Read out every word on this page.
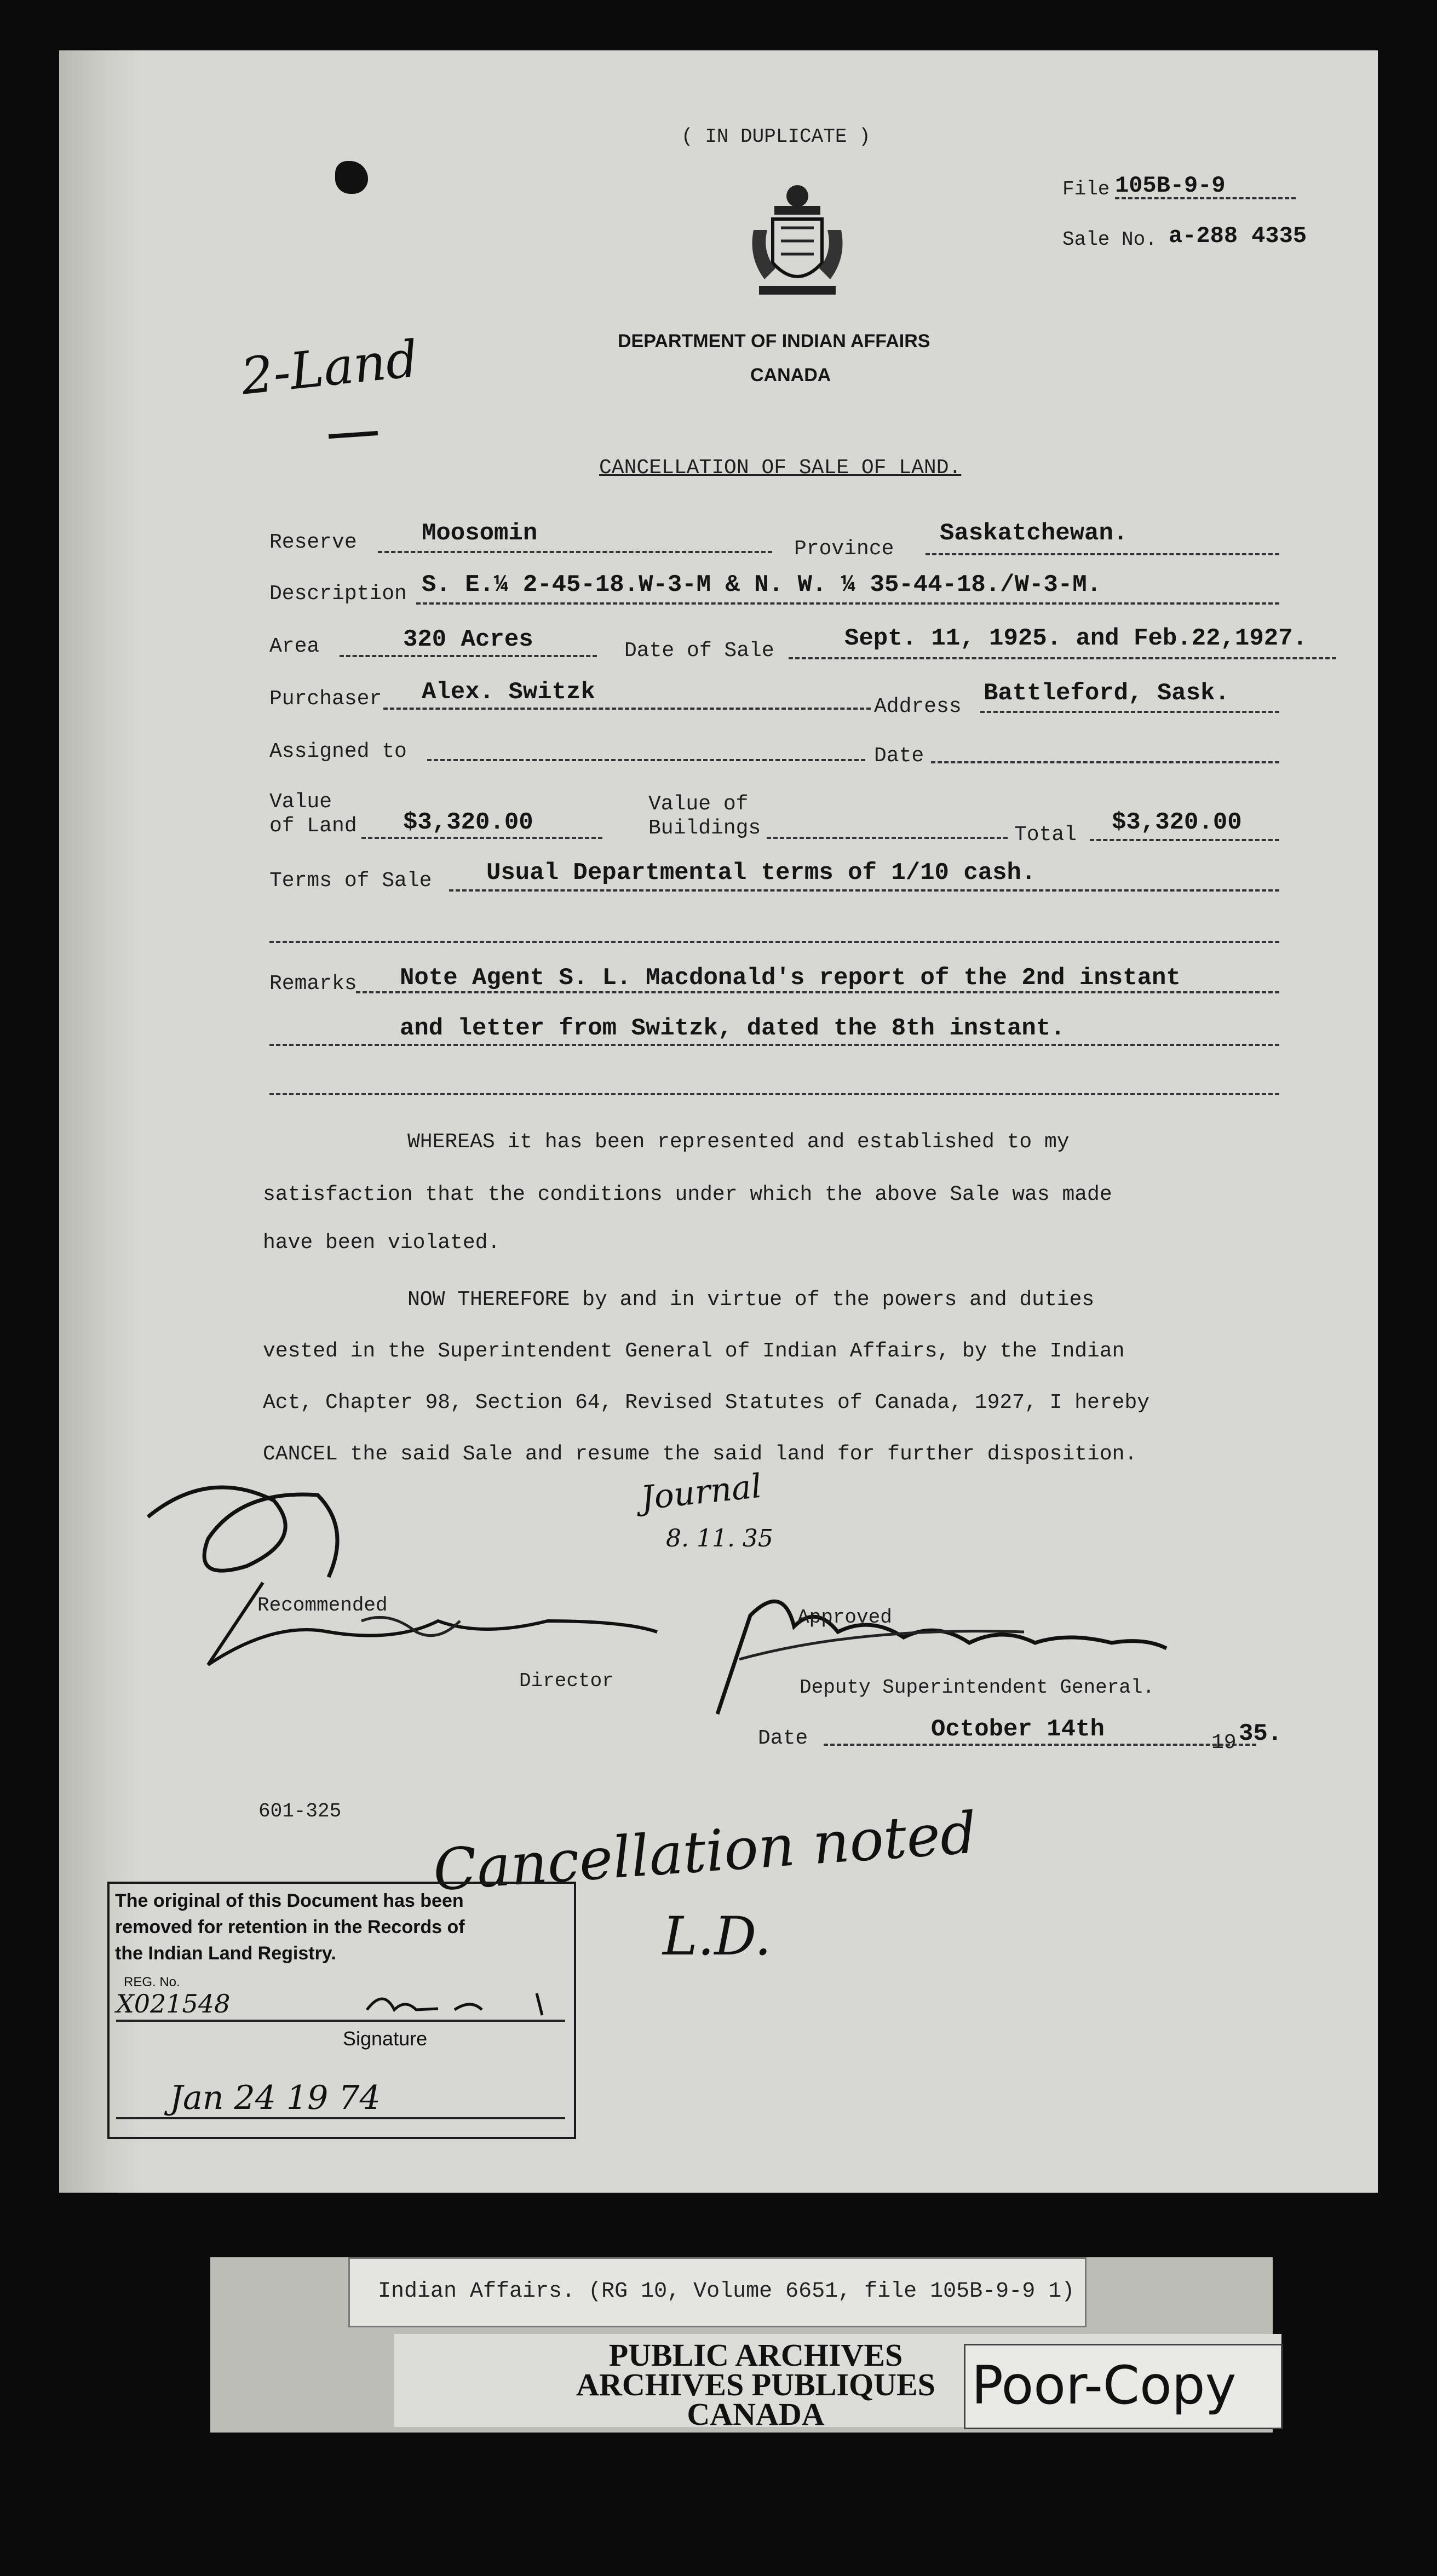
( IN DUPLICATE )
File 105B-9-9
Sale No. a-288 4335
DEPARTMENT OF INDIAN AFFAIRS
CANADA
2-Land
CANCELLATION OF SALE OF LAND.
Reserve	Moosomin
Province
Saskatchewan.
Description S. E.¼ 2-45-18.W-3-M & N. W. ¼ 35-44-18./W-3-M.
Area	320 Acres	Date of Sale	Sept. 11, 1925. and Feb.22,1927.
Purchaser Alex. Switzk
Address Battleford, Sask.
Assigned to	Date
Value
of Land $3,320.00
Value of
Buildings	Total $3,320.00
Terms of Sale Usual Departmental terms of 1/10 cash.
Remarks Note Agent S. L. Macdonald's report of the 2nd instant
and letter from Switzk, dated the 8th instant.
WHEREAS it has been represented and established to my
satisfaction that the conditions under which the above Sale was made
have been violated.
NOW THEREFORE by and in virtue of the powers and duties
vested in the Superintendent General of Indian Affairs, by the Indian
Act, Chapter 98, Section 64, Revised Statutes of Canada, 1927, I hereby
CANCEL the said Sale and resume the said land for further disposition.
Journal
8. 11. 35
Recommended
Director
Approved
Deputy Superintendent General.
Date	October 14th	19 35.
601-325 Cancellation noted
L.D.
The original of this Document has been
removed for retention in the Records of
the Indian Land Registry.
REG. No.
X021548
Signature
Jan 24 19 74
Indian Affairs. (RG 10, Volume 6651, file 105B-9-9 1)
PUBLIC ARCHIVES
ARCHIVES PUBLIQUES
CANADA	Poor-Copy
